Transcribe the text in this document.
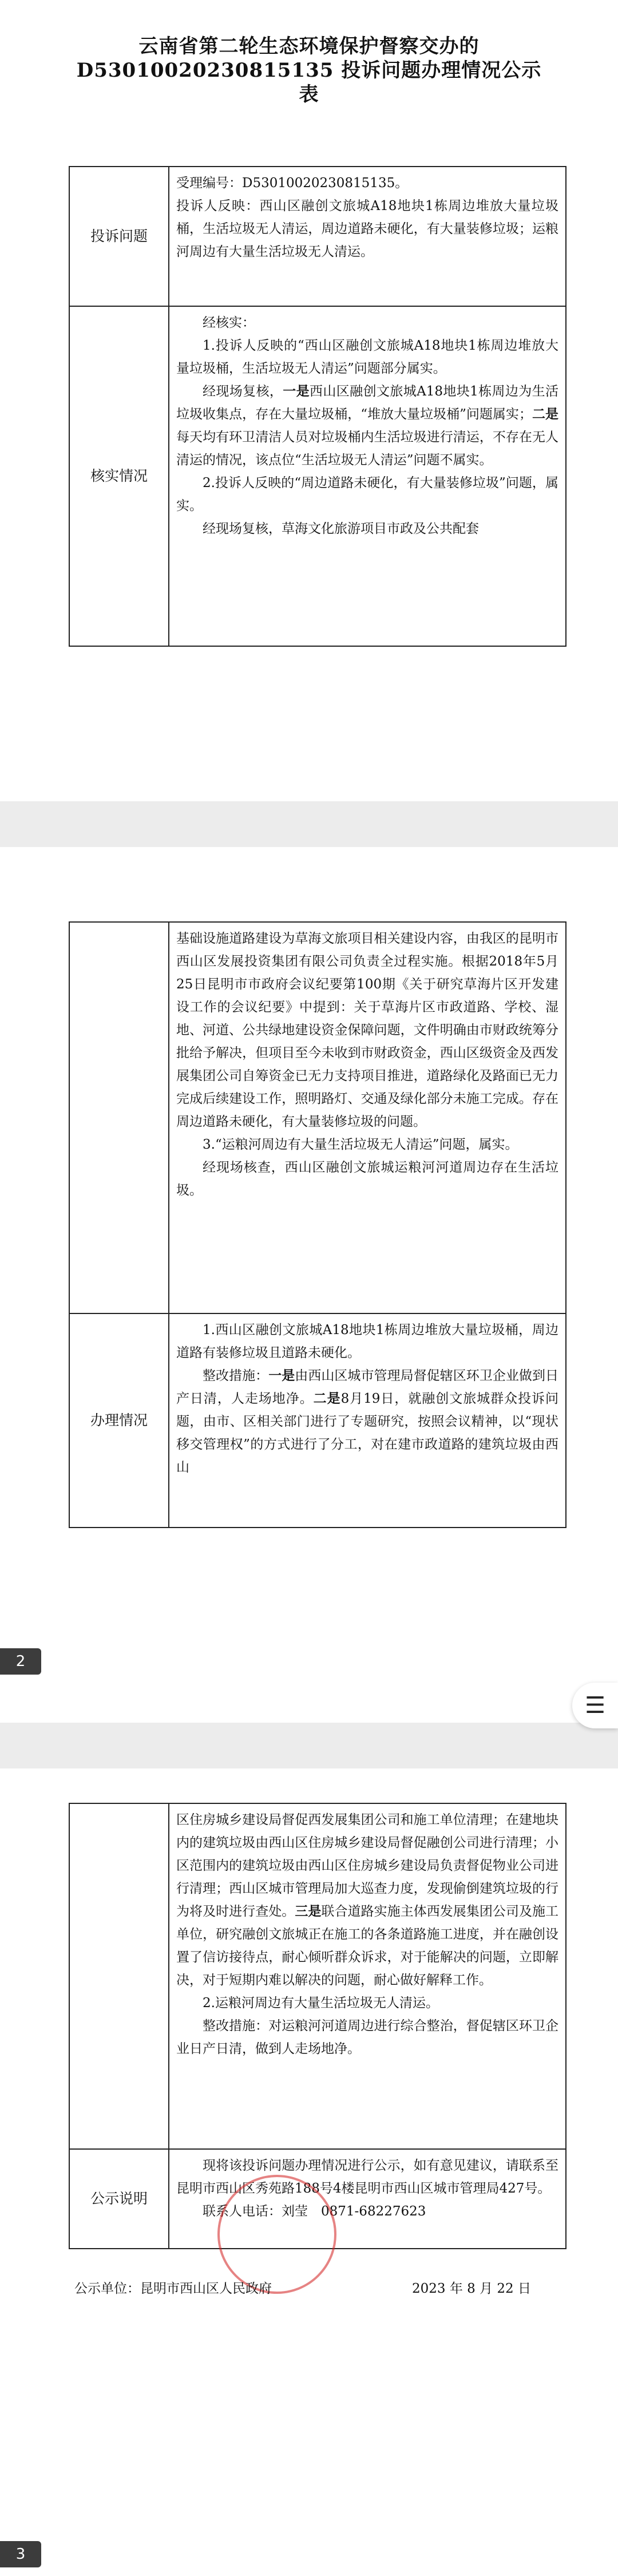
云南省第二轮生态环境保护督察交办的
D53010020230815135 投诉问题办理情况公示
表
投诉问题	受理编号：D53010020230815135。

投诉人反映：西山区融创文旅城A18地块1栋周边堆放大量垃圾桶，生活垃圾无人清运，周边道路未硬化，有大量装修垃圾；运粮河周边有大量生活垃圾无人清运。

核实情况	经核实：

1.投诉人反映的“西山区融创文旅城A18地块1栋周边堆放大量垃圾桶，生活垃圾无人清运”问题部分属实。

经现场复核，一是西山区融创文旅城A18地块1栋周边为生活垃圾收集点，存在大量垃圾桶，“堆放大量垃圾桶”问题属实；二是每天均有环卫清洁人员对垃圾桶内生活垃圾进行清运，不存在无人清运的情况，该点位“生活垃圾无人清运”问题不属实。

2.投诉人反映的“周边道路未硬化，有大量装修垃圾”问题，属实。

经现场复核，草海文化旅游项目市政及公共配套

	基础设施道路建设为草海文旅项目相关建设内容，由我区的昆明市西山区发展投资集团有限公司负责全过程实施。根据2018年5月25日昆明市市政府会议纪要第100期《关于研究草海片区开发建设工作的会议纪要》中提到：关于草海片区市政道路、学校、湿地、河道、公共绿地建设资金保障问题，文件明确由市财政统筹分批给予解决，但项目至今未收到市财政资金，西山区级资金及西发展集团公司自筹资金已无力支持项目推进，道路绿化及路面已无力完成后续建设工作，照明路灯、交通及绿化部分未施工完成。存在周边道路未硬化，有大量装修垃圾的问题。

3.“运粮河周边有大量生活垃圾无人清运”问题，属实。

经现场核查，西山区融创文旅城运粮河河道周边存在生活垃圾。

办理情况	1.西山区融创文旅城A18地块1栋周边堆放大量垃圾桶，周边道路有装修垃圾且道路未硬化。

整改措施：一是由西山区城市管理局督促辖区环卫企业做到日产日清，人走场地净。二是8月19日，就融创文旅城群众投诉问题，由市、区相关部门进行了专题研究，按照会议精神，以“现状移交管理权”的方式进行了分工，对在建市政道路的建筑垃圾由西山

2
☰

	区住房城乡建设局督促西发展集团公司和施工单位清理；在建地块内的建筑垃圾由西山区住房城乡建设局督促融创公司进行清理；小区范围内的建筑垃圾由西山区住房城乡建设局负责督促物业公司进行清理；西山区城市管理局加大巡查力度，发现偷倒建筑垃圾的行为将及时进行查处。三是联合道路实施主体西发展集团公司及施工单位，研究融创文旅城正在施工的各条道路施工进度，并在融创设置了信访接待点，耐心倾听群众诉求，对于能解决的问题，立即解决，对于短期内难以解决的问题，耐心做好解释工作。

2.运粮河周边有大量生活垃圾无人清运。

整改措施：对运粮河河道周边进行综合整治，督促辖区环卫企业日产日清，做到人走场地净。

公示说明	现将该投诉问题办理情况进行公示，如有意见建议，请联系至昆明市西山区秀苑路188号4楼昆明市西山区城市管理局427号。

联系人电话：刘莹　0871-68227623

公示单位：昆明市西山区人民政府	2023 年 8 月 22 日
3
